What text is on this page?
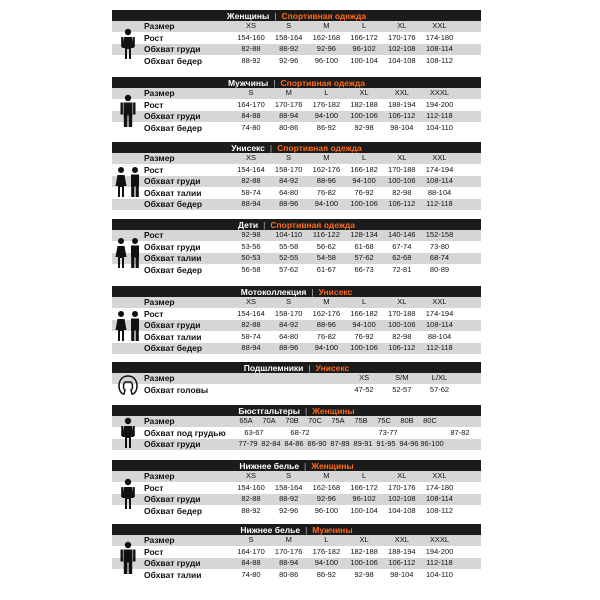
Женщины | Спортивная одежда
Размер	XS	S	M	L	XL	XXL
Рост	154-160	158-164	162-168	166-172	170-176	174-180
Обхват груди	82-88	88-92	92-96	96-102	102-108	108-114
Обхват бедер	88-92	92-96	96-100	100-104	104-108	108-112
Мужчины | Спортивная одежда
Размер	S	M	L	XL	XXL	XXXL
Рост	164-170	170-176	176-182	182-188	188-194	194-200
Обхват груди	84-88	88-94	94-100	100-106	106-112	112-118
Обхват бедер	74-80	80-86	86-92	92-98	98-104	104-110
Унисекс | Спортивная одежда
Размер	XS	S	M	L	XL	XXL
Рост	154-164	158-170	162-176	166-182	170-188	174-194
Обхват груди	82-88	84-92	88-96	94-100	100-106	108-114
Обхват талии	58-74	64-80	76-82	76-92	82-98	88-104
Обхват бедер	88-94	88-96	94-100	100-106	106-112	112-118
Дети | Спортивная одежда
Рост	92-98	104-110	116-122	128-134	140-146	152-158
Обхват груди	53-56	55-58	56-62	61-68	67-74	73-80
Обхват талии	50-53	52-55	54-58	57-62	62-68	68-74
Обхват бедер	56-58	57-62	61-67	66-73	72-81	80-89
Мотоколлекция | Унисекс
Размер	XS	S	M	L	XL	XXL
Рост	154-164	158-170	162-176	166-182	170-188	174-194
Обхват груди	82-88	84-92	88-96	94-100	100-106	108-114
Обхват талии	58-74	64-80	76-82	76-92	82-98	88-104
Обхват бедер	88-94	88-96	94-100	100-106	106-112	112-118
Подшлемники | Унисекс
Размер	XS	S/M	L/XL
Обхват головы	47-52	52-57	57-62
Бюстгальтеры | Женщины
Размер	65A	70A	70B	70C	75A	75B	75C	80B	80C
Обхват под грудью	63-67	68-72	73-77	87-82
Обхват груди	77-79 82-84 84-86 86-90 87-89 89-91 91-95 94-96 96-100
Нижнее белье | Женщины
Размер	XS	S	M	L	XL	XXL
Рост	154-160	158-164	162-168	166-172	170-176	174-180
Обхват груди	82-88	88-92	92-96	96-102	102-108	108-114
Обхват бедер	88-92	92-96	96-100	100-104	104-108	108-112
Нижнее белье | Мужчины
Размер	S	M	L	XL	XXL	XXXL
Рост	164-170	170-176	176-182	182-188	188-194	194-200
Обхват груди	84-88	88-94	94-100	100-106	106-112	112-118
Обхват талии	74-80	80-86	86-92	92-98	98-104	104-110
